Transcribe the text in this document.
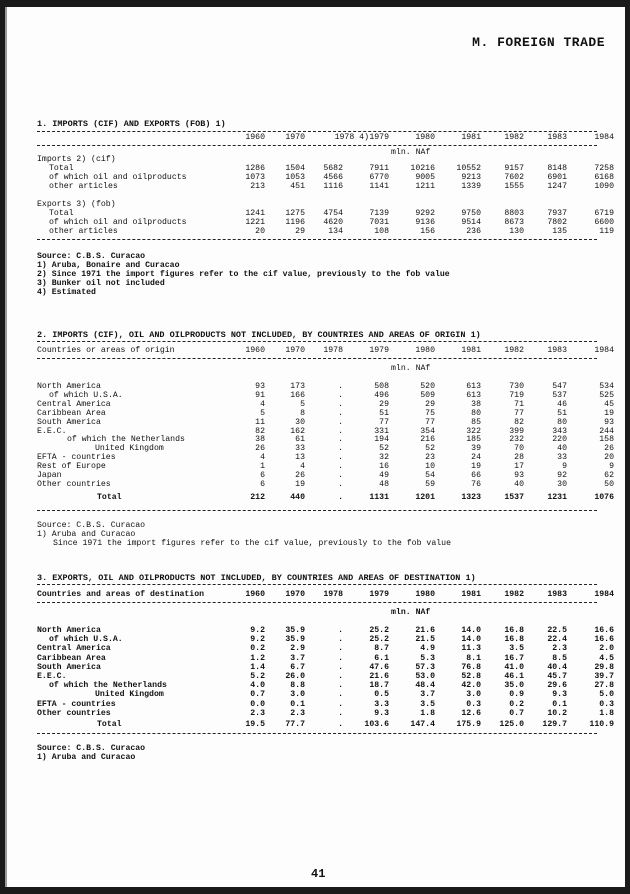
M. FOREIGN TRADE
1. IMPORTS (CIF) AND EXPORTS (FOB) 1)
1960	1970	1978 4) 1979	1980	1981	1982	1983	1984
mln. NAf
Imports 2) (cif)
Total	1286	1504	5682	7911	10216	10552	9157	8148	7258
of which oil and oilproducts	1073	1053	4566	6770	9005	9213	7602	6901	6168
other articles	213	451	1116	1141	1211	1339	1555	1247	1090
Exports 3) (fob)
Total	1241	1275	4754	7139	9292	9750	8803	7937	6719
of which oil and oilproducts	1221	1196	4620	7031	9136	9514	8673	7802	6600
other articles	20	29	134	108	156	236	130	135	119
Source: C.B.S. Curacao
1) Aruba, Bonaire and Curacao
2) Since 1971 the import figures refer to the cif value, previously to the fob value
3) Bunker oil not included
4) Estimated
2. IMPORTS (CIF), OIL AND OILPRODUCTS NOT INCLUDED, BY COUNTRIES AND AREAS OF ORIGIN 1)
Countries or areas of origin	1960	1970	1978	1979	1980	1981	1982	1983	1984
mln. NAf
North America	93	173	.	508	520	613	730	547	534
of which U.S.A.	91	166	.	496	509	613	719	537	525
Central America	4	5	.	29	29	38	71	46	45
Caribbean Area	5	8	.	51	75	80	77	51	19
South America	11	30	.	77	77	85	82	80	93
E.E.C.	82	162	.	331	354	322	399	343	244
of which the Netherlands	38	61	.	194	216	185	232	220	158
United Kingdom	26	33	.	52	52	39	70	40	26
EFTA - countries	4	13	.	32	23	24	28	33	20
Rest of Europe	1	4	.	16	10	19	17	9	9
Japan	6	26	.	49	54	66	93	92	62
Other countries	6	19	.	48	59	76	40	30	50
Total	212	440	.	1131	1201	1323	1537	1231	1076
Source: C.B.S. Curacao
1) Aruba and Curacao
Since 1971 the import figures refer to the cif value, previously to the fob value
3. EXPORTS, OIL AND OILPRODUCTS NOT INCLUDED, BY COUNTRIES AND AREAS OF DESTINATION 1)
Countries and areas of destination	1960	1970	1978	1979	1980	1981	1982	1983	1984
mln. NAf
North America	9.2	35.9	.	25.2	21.6	14.0	16.8	22.5	16.6
of which U.S.A.	9.2	35.9	.	25.2	21.5	14.0	16.8	22.4	16.6
Central America	0.2	2.9	.	8.7	4.9	11.3	3.5	2.3	2.0
Caribbean Area	1.2	3.7	.	6.1	5.3	8.1	16.7	8.5	4.5
South America	1.4	6.7	.	47.6	57.3	76.8	41.0	40.4	29.8
E.E.C.	5.2	26.0	.	21.6	53.0	52.8	46.1	45.7	39.7
of which the Netherlands	4.0	8.8	.	18.7	48.4	42.0	35.0	29.6	27.8
United Kingdom	0.7	3.0	.	0.5	3.7	3.0	0.9	9.3	5.0
EFTA - countries	0.0	0.1	.	3.3	3.5	0.3	0.2	0.1	0.3
Other countries	2.3	2.3	.	9.3	1.8	12.6	0.7	10.2	1.8
Total	19.5	77.7	.	103.6	147.4	175.9	125.0	129.7	110.9
Source: C.B.S. Curacao
1) Aruba and Curacao
41
